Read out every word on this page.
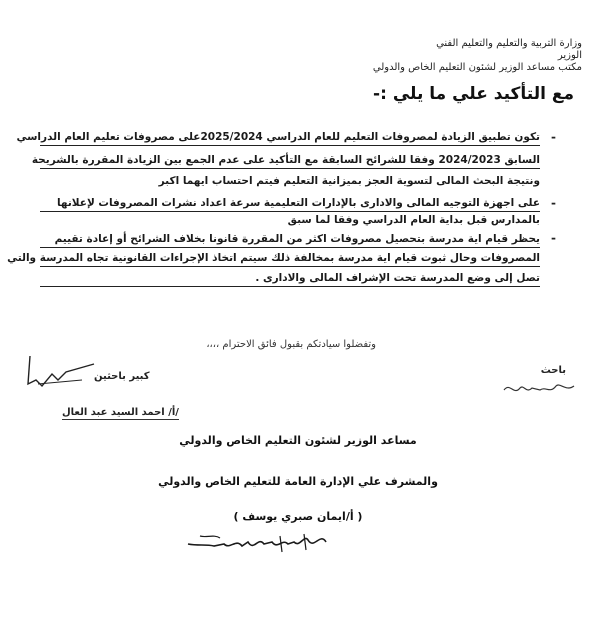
وزارة التربية والتعليم والتعليم الفني
الوزير
مكتب مساعد الوزير لشئون التعليم الخاص والدولي
مع التأكيد علي ما يلي :-
-
-
-
تكون تطبيق الزيادة لمصروفات التعليم للعام الدراسي 2025/2024على مصروفات تعليم العام الدراسي
السابق 2024/2023 وفقا للشرائح السابقة مع التأكيد على عدم الجمع بين الزيادة المقررة بالشريحة
ونتيجة البحث المالى لتسوية العجز بميزانية التعليم فيتم احتساب ايهما اكبر
على اجهزة التوجيه المالى والادارى بالإدارات التعليمية سرعة اعداد نشرات المصروفات لإعلانها
بالمدارس قبل بداية العام الدراسي وفقا لما سبق
يحظر قيام اية مدرسة بتحصيل مصروفات اكثر من المقررة قانونا بخلاف الشرائح أو إعادة تقييم
المصروفات وحال ثبوت قيام اية مدرسة بمخالفة ذلك سيتم اتخاذ الإجراءات القانونية تجاه المدرسة والتي
تصل إلى وضع المدرسة تحت الإشراف المالى والادارى .
وتفضلوا سيادتكم بقبول فائق الاحترام ،،،،
كبير باحثين
/أ/ احمد السيد عبد العال
باحث
مساعد الوزير لشئون التعليم الخاص والدولي
والمشرف علي الإدارة العامة للتعليم الخاص والدولي
( أ/ايمان صبري يوسف )
